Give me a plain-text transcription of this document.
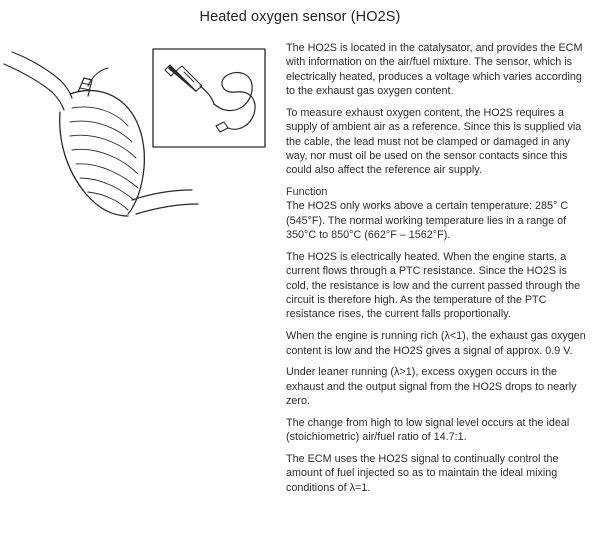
Heated oxygen sensor (HO2S)

The HO2S is located in the catalysator, and provides the ECM with information on the air/fuel mixture. The sensor, which is electrically heated, produces a voltage which varies according to the exhaust gas oxygen content.

To measure exhaust oxygen content, the HO2S requires a supply of ambient air as a reference. Since this is supplied via the cable, the lead must not be clamped or damaged in any way, nor must oil be used on the sensor contacts since this could also affect the reference air supply.

Function

The HO2S only works above a certain temperature: 285° C (545°F). The normal working temperature lies in a range of 350°C to 850°C (662°F – 1562°F).

The HO2S is electrically heated. When the engine starts, a current flows through a PTC resistance. Since the HO2S is cold, the resistance is low and the current passed through the circuit is therefore high. As the temperature of the PTC resistance rises, the current falls proportionally.

When the engine is running rich (λ<1), the exhaust gas oxygen content is low and the HO2S gives a signal of approx. 0.9 V.

Under leaner running (λ>1), excess oxygen occurs in the exhaust and the output signal from the HO2S drops to nearly zero.

The change from high to low signal level occurs at the ideal (stoichiometric) air/fuel ratio of 14.7:1.

The ECM uses the HO2S signal to continually control the amount of fuel injected so as to maintain the ideal mixing conditions of λ=1.
